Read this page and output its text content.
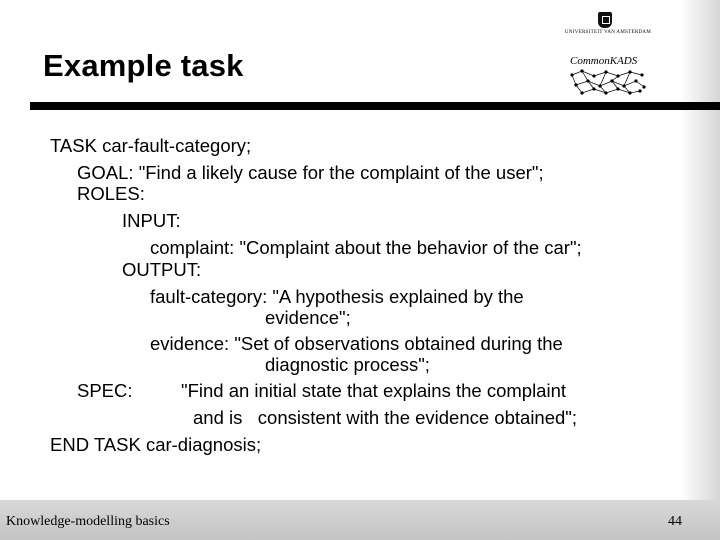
UNIVERSITEIT VAN AMSTERDAM
CommonKADS
Example task
TASK car-fault-category;
GOAL: "Find a likely cause for the complaint of the user";
ROLES:
INPUT:
complaint: "Complaint about the behavior of the car";
OUTPUT:
fault-category: "A hypothesis explained by the
evidence";
evidence: "Set of observations obtained during the
diagnostic process";
SPEC:	"Find an initial state that explains the complaint
and is   consistent with the evidence obtained";
END TASK car-diagnosis;
Knowledge-modelling basics	44
